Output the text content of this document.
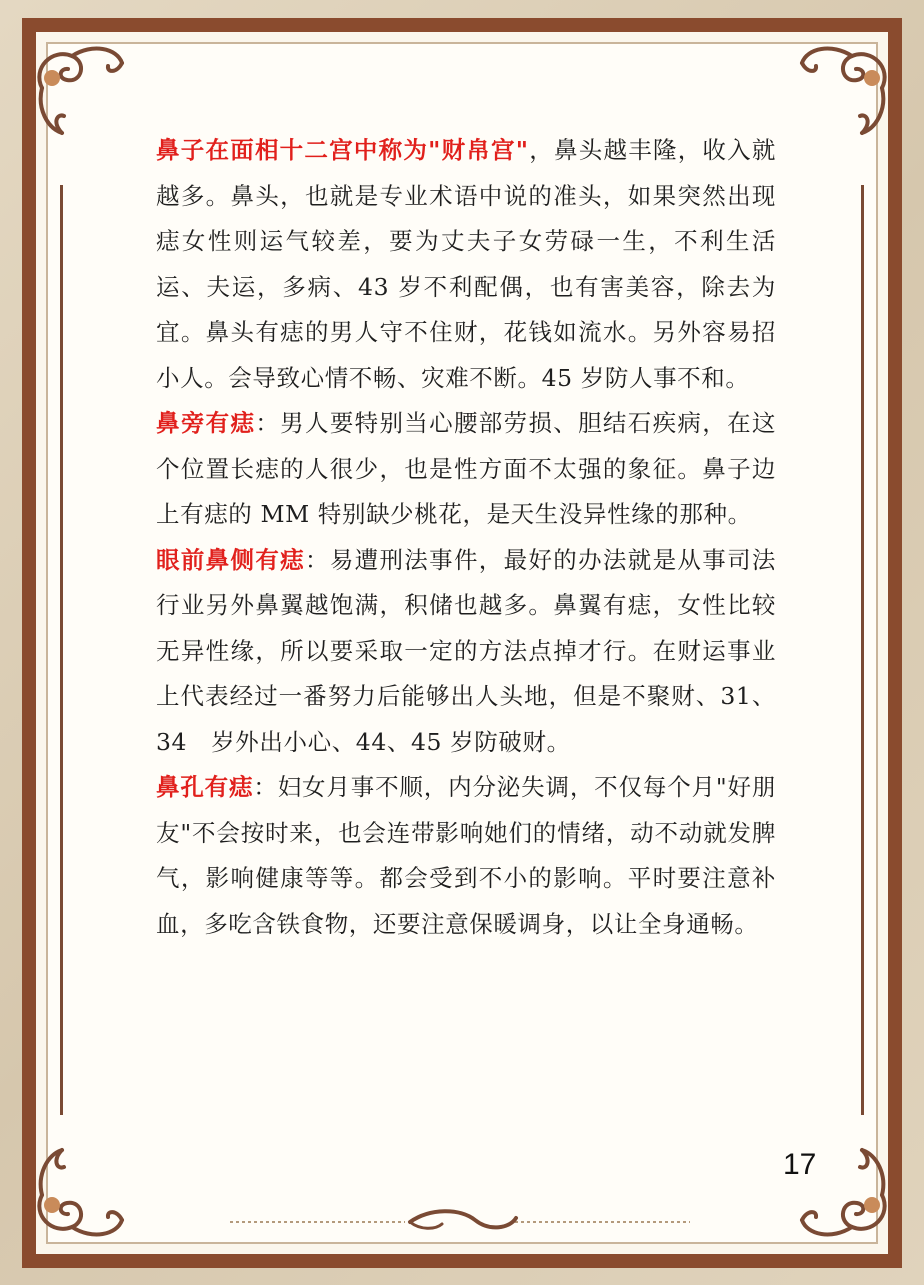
鼻子在面相十二宫中称为"财帛宫"，鼻头越丰隆，收入就越多。鼻头，也就是专业术语中说的准头，如果突然出现痣女性则运气较差，要为丈夫子女劳碌一生，不利生活运、夫运，多病、43 岁不利配偶，也有害美容，除去为宜。鼻头有痣的男人守不住财，花钱如流水。另外容易招小人。会导致心情不畅、灾难不断。45 岁防人事不和。

鼻旁有痣：男人要特别当心腰部劳损、胆结石疾病，在这个位置长痣的人很少，也是性方面不太强的象征。鼻子边上有痣的 MM 特别缺少桃花，是天生没异性缘的那种。

眼前鼻侧有痣：易遭刑法事件，最好的办法就是从事司法行业另外鼻翼越饱满，积储也越多。鼻翼有痣，女性比较无异性缘，所以要采取一定的方法点掉才行。在财运事业上代表经过一番努力后能够出人头地，但是不聚财、31、34　岁外出小心、44、45 岁防破财。

鼻孔有痣：妇女月事不顺，内分泌失调，不仅每个月"好朋友"不会按时来，也会连带影响她们的情绪，动不动就发脾气，影响健康等等。都会受到不小的影响。平时要注意补血，多吃含铁食物，还要注意保暖调身，以让全身通畅。

17
